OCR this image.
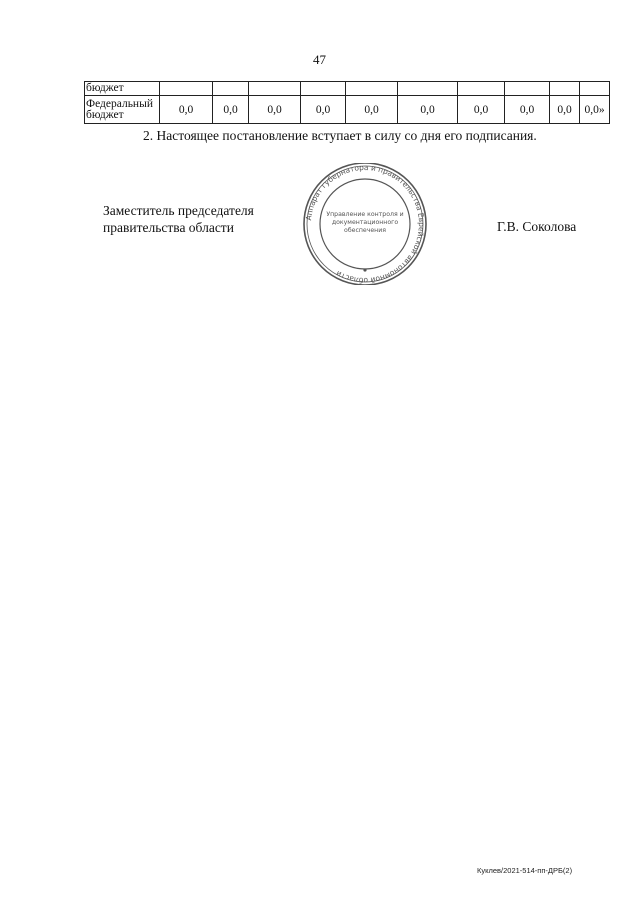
47
бюджет										
Федеральный
бюджет	0,0	0,0	0,0	0,0	0,0	0,0	0,0	0,0	0,0	0,0»
2. Настоящее постановление вступает в силу со дня его подписания.
Заместитель председателя
правительства области
Аппарат губернатора и правительства Еврейской автономной области
Управление контроля и
документационного
обеспечения	Г.В. Соколова
Куклев/2021-514-пп-ДРБ(2)
